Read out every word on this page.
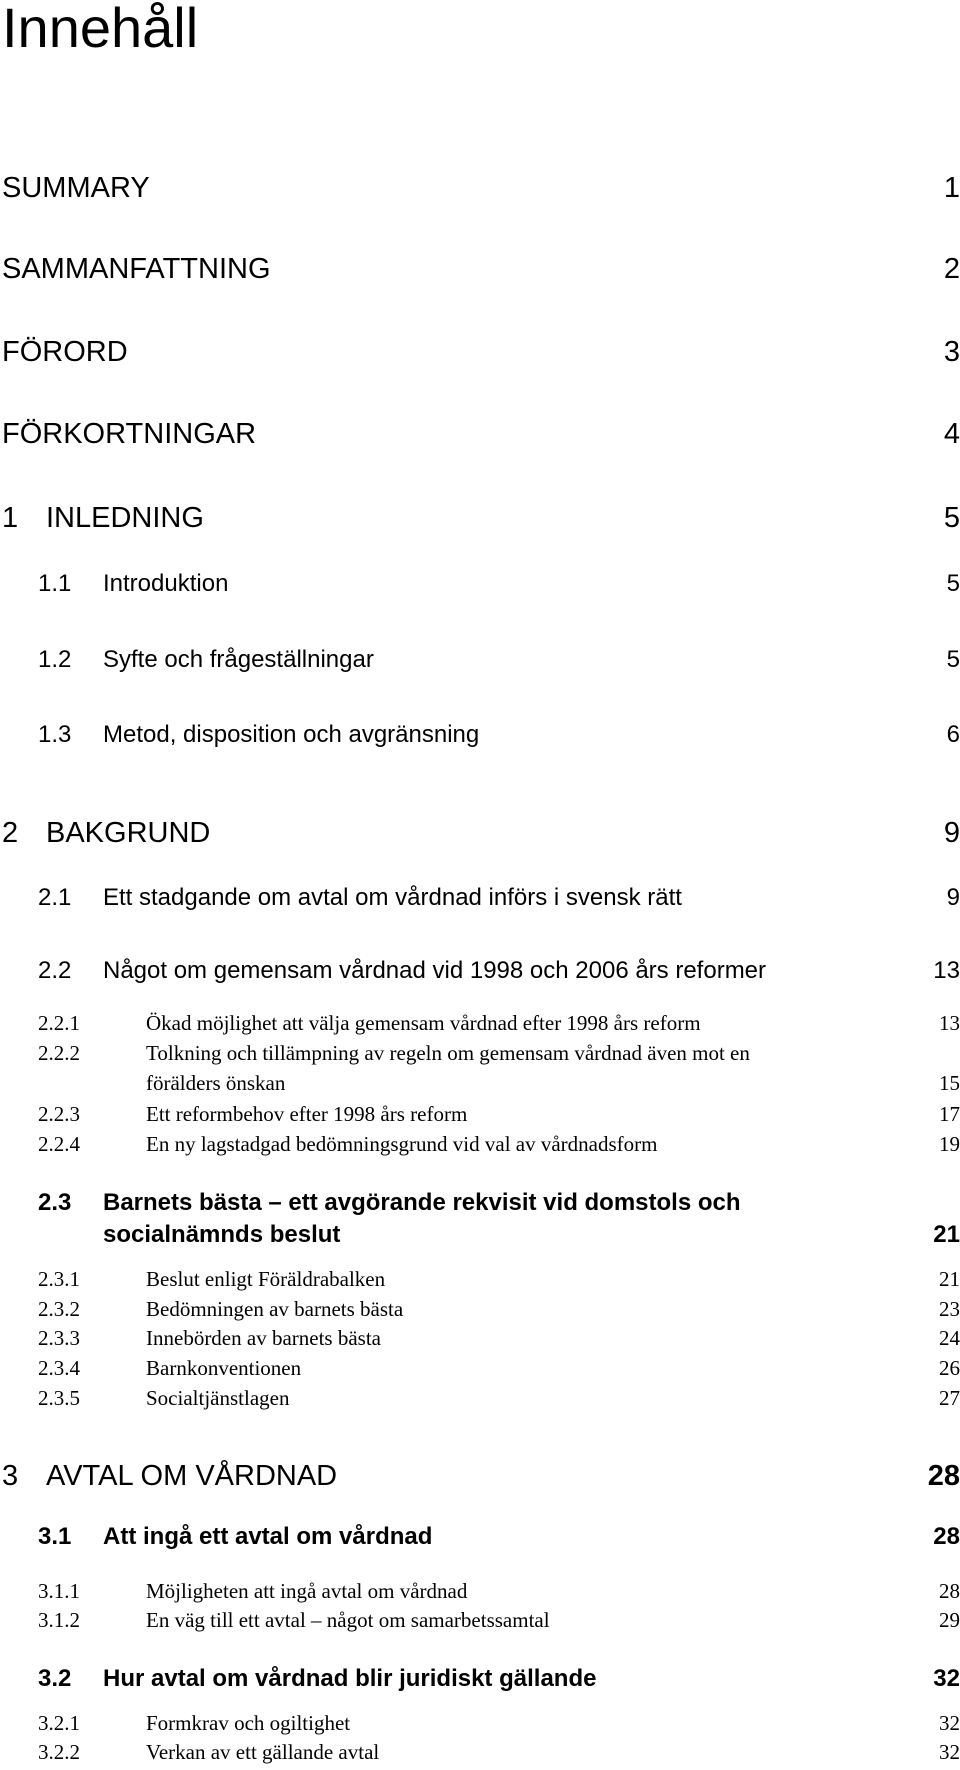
Innehåll
SUMMARY	1
SAMMANFATTNING	2
FÖRORD	3
FÖRKORTNINGAR	4
1 INLEDNING	5
1.1 Introduktion	5
1.2 Syfte och frågeställningar	5
1.3 Metod, disposition och avgränsning	6
2 BAKGRUND	9
2.1 Ett stadgande om avtal om vårdnad införs i svensk rätt	9
2.2 Något om gemensam vårdnad vid 1998 och 2006 års reformer	13
2.2.1	Ökad möjlighet att välja gemensam vårdnad efter 1998 års reform	13
2.2.2	Tolkning och tillämpning av regeln om gemensam vårdnad även mot en
förälders önskan	15
2.2.3	Ett reformbehov efter 1998 års reform	17
2.2.4	En ny lagstadgad bedömningsgrund vid val av vårdnadsform	19
2.3 Barnets bästa – ett avgörande rekvisit vid domstols och
socialnämnds beslut	21
2.3.1	Beslut enligt Föräldrabalken	21
2.3.2	Bedömningen av barnets bästa	23
2.3.3	Innebörden av barnets bästa	24
2.3.4	Barnkonventionen	26
2.3.5	Socialtjänstlagen	27
3 AVTAL OM VÅRDNAD	28
3.1 Att ingå ett avtal om vårdnad	28
3.1.1	Möjligheten att ingå avtal om vårdnad	28
3.1.2	En väg till ett avtal – något om samarbetssamtal	29
3.2 Hur avtal om vårdnad blir juridiskt gällande	32
3.2.1	Formkrav och ogiltighet	32
3.2.2	Verkan av ett gällande avtal	32
